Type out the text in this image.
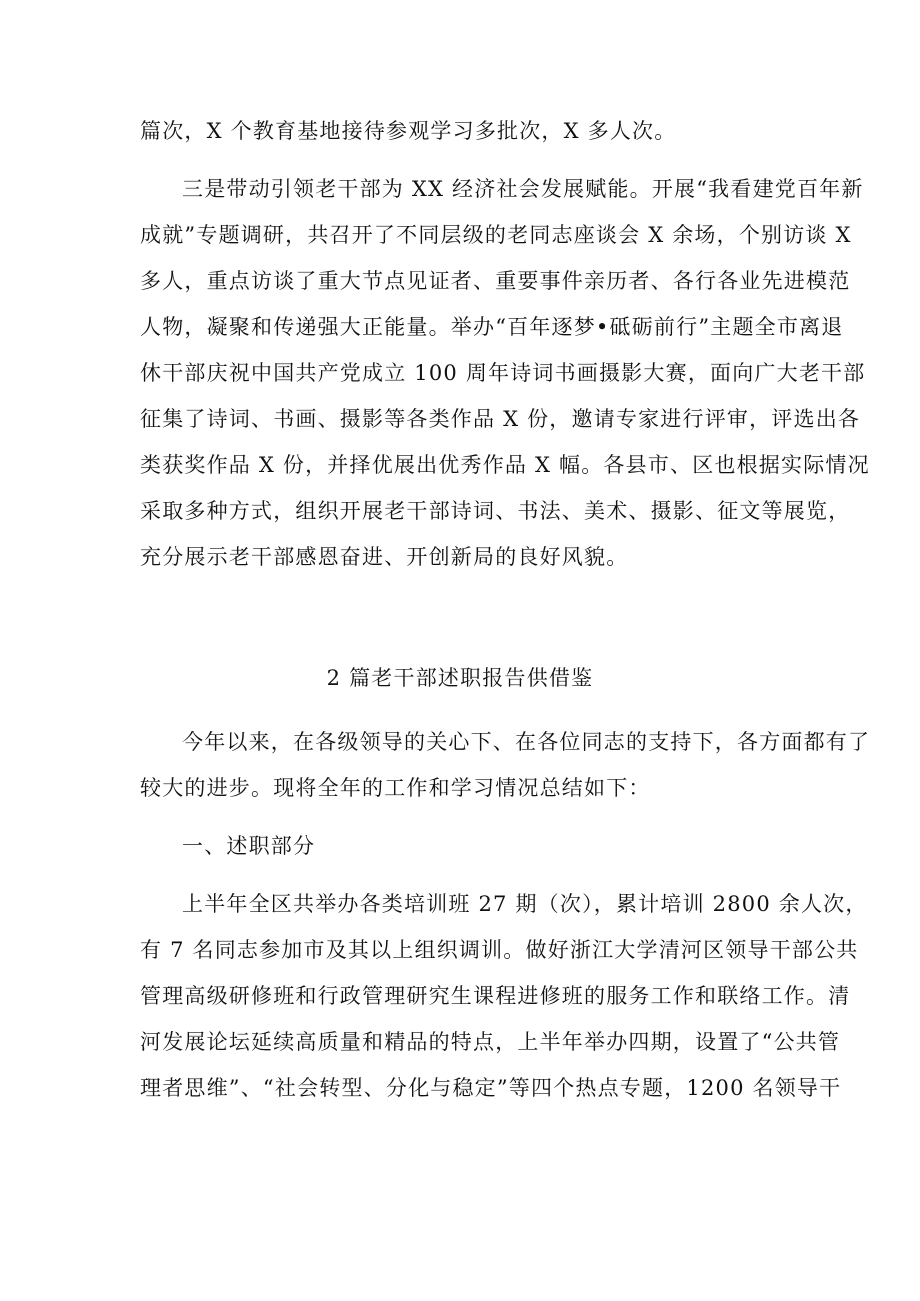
篇次，X 个教育基地接待参观学习多批次，X 多人次。
三是带动引领老干部为 XX 经济社会发展赋能。开展“我看建党百年新
成就”专题调研，共召开了不同层级的老同志座谈会 X 余场，个别访谈 X
多人，重点访谈了重大节点见证者、重要事件亲历者、各行各业先进模范
人物，凝聚和传递强大正能量。举办“百年逐梦•砥砺前行”主题全市离退
休干部庆祝中国共产党成立 100 周年诗词书画摄影大赛，面向广大老干部
征集了诗词、书画、摄影等各类作品 X 份，邀请专家进行评审，评选出各
类获奖作品 X 份，并择优展出优秀作品 X 幅。各县市、区也根据实际情况
采取多种方式，组织开展老干部诗词、书法、美术、摄影、征文等展览，
充分展示老干部感恩奋进、开创新局的良好风貌。
2 篇老干部述职报告供借鉴
今年以来，在各级领导的关心下、在各位同志的支持下，各方面都有了
较大的进步。现将全年的工作和学习情况总结如下：
一、述职部分
上半年全区共举办各类培训班 27 期（次），累计培训 2800 余人次，
有 7 名同志参加市及其以上组织调训。做好浙江大学清河区领导干部公共
管理高级研修班和行政管理研究生课程进修班的服务工作和联络工作。清
河发展论坛延续高质量和精品的特点，上半年举办四期，设置了“公共管
理者思维”、“社会转型、分化与稳定”等四个热点专题，1200 名领导干
